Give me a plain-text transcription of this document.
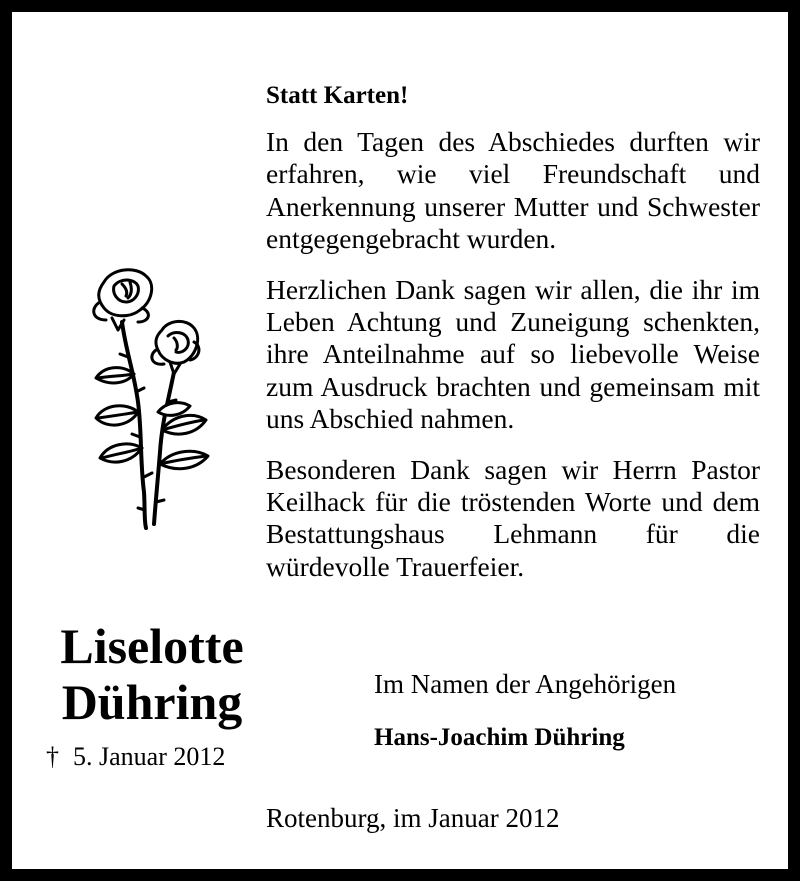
Statt Karten!

In den Tagen des Abschiedes durften wir erfahren, wie viel Freundschaft und Anerkennung unserer Mutter und Schwester entgegengebracht wurden.

Herzlichen Dank sagen wir allen, die ihr im Leben Achtung und Zuneigung schenkten, ihre Anteilnahme auf so liebevolle Weise zum Ausdruck brachten und gemeinsam mit uns Abschied nahmen.

Besonderen Dank sagen wir Herrn Pastor Keilhack für die tröstenden Worte und dem Bestattungshaus Lehmann für die würdevolle Trauerfeier.

Im Namen der Angehörigen
Hans-Joachim Dühring
Rotenburg, im Januar 2012
Liselotte
Dühring
† 5. Januar 2012
